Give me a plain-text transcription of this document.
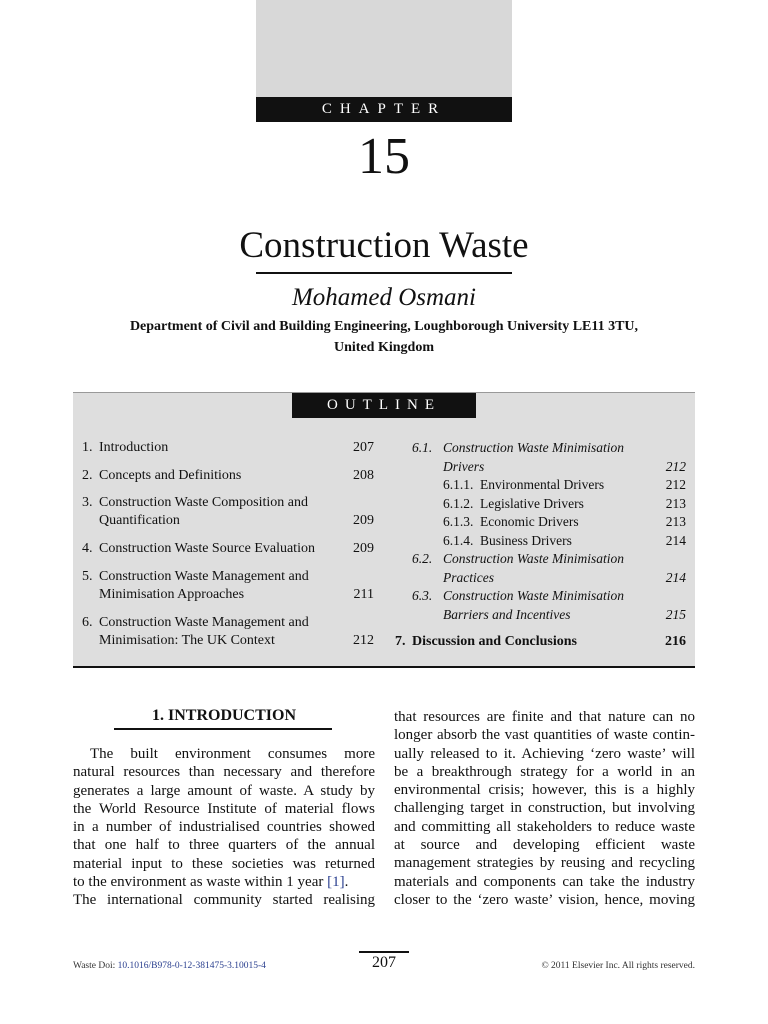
CHAPTER
15
Construction Waste
Mohamed Osmani
Department of Civil and Building Engineering, Loughborough University LE11 3TU,
United Kingdom
OUTLINE
1. Introduction	207
2. Concepts and Definitions	208
3. Construction Waste Composition and
Quantification	209
4. Construction Waste Source Evaluation	209
5. Construction Waste Management and
Minimisation Approaches	211
6. Construction Waste Management and
Minimisation: The UK Context	212
6.1. Construction Waste Minimisation
Drivers	212
6.1.1. Environmental Drivers	212
6.1.2. Legislative Drivers	213
6.1.3. Economic Drivers	213
6.1.4. Business Drivers	214
6.2. Construction Waste Minimisation
Practices	214
6.3. Construction Waste Minimisation
Barriers and Incentives	215
7. Discussion and Conclusions	216
1. INTRODUCTION
The built environment consumes more
natural resources than necessary and therefore
generates a large amount of waste. A study by
the World Resource Institute of material flows
in a number of industrialised countries showed
that one half to three quarters of the annual
material input to these societies was returned
to the environment as waste within 1 year [1].
The international community started realising
that resources are finite and that nature can no
longer absorb the vast quantities of waste contin-
ually released to it. Achieving ‘zero waste’ will
be a breakthrough strategy for a world in an
environmental crisis; however, this is a highly
challenging target in construction, but involving
and committing all stakeholders to reduce waste
at source and developing efficient waste
management strategies by reusing and recycling
materials and components can take the industry
closer to the ‘zero waste’ vision, hence, moving
Waste Doi: 10.1016/B978-0-12-381475-3.10015-4	207	© 2011 Elsevier Inc. All rights reserved.
